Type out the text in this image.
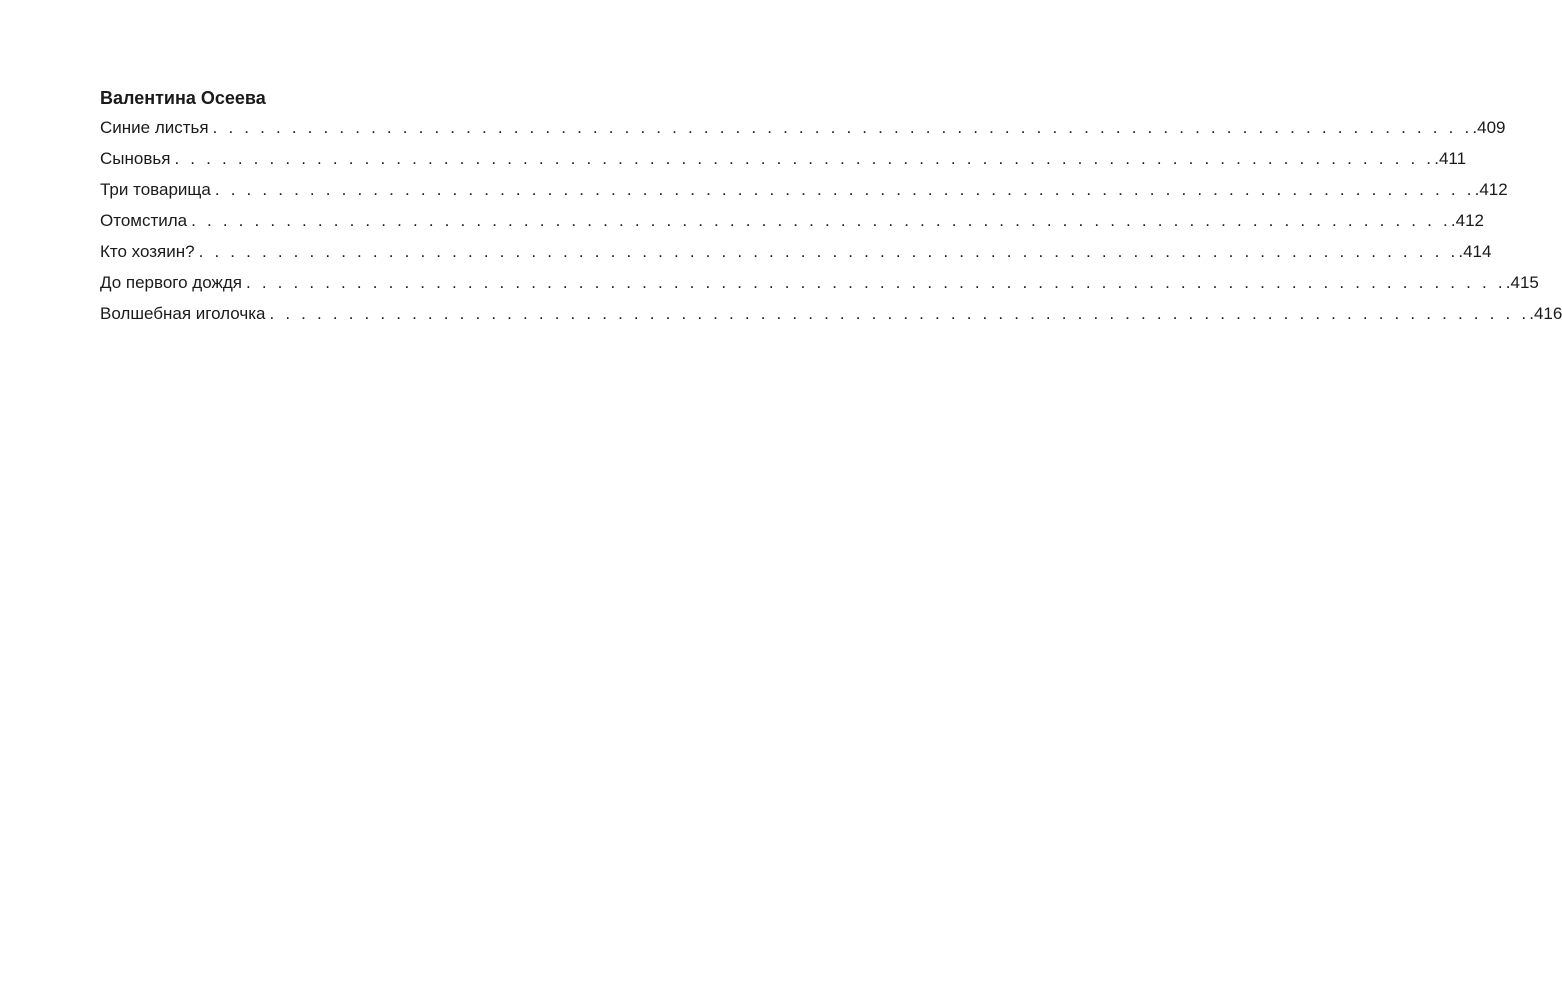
Валентина Осеева
Синие листья . . . . . . . . . . . . . . . . . . . . . . . . . . . . . . . . . . . . . . . . . . . . . . . . . . . . . . . . . . . . . . . . . . . . . . . . . . . . . . . . .409
Сыновья . . . . . . . . . . . . . . . . . . . . . . . . . . . . . . . . . . . . . . . . . . . . . . . . . . . . . . . . . . . . . . . . . . . . . . . . . . . . . . . . .411
Три товарища . . . . . . . . . . . . . . . . . . . . . . . . . . . . . . . . . . . . . . . . . . . . . . . . . . . . . . . . . . . . . . . . . . . . . . . . . . . . . . . . .412
Отомстила . . . . . . . . . . . . . . . . . . . . . . . . . . . . . . . . . . . . . . . . . . . . . . . . . . . . . . . . . . . . . . . . . . . . . . . . . . . . . . . . .412
Кто хозяин? . . . . . . . . . . . . . . . . . . . . . . . . . . . . . . . . . . . . . . . . . . . . . . . . . . . . . . . . . . . . . . . . . . . . . . . . . . . . . . . . .414
До первого дождя . . . . . . . . . . . . . . . . . . . . . . . . . . . . . . . . . . . . . . . . . . . . . . . . . . . . . . . . . . . . . . . . . . . . . . . . . . . . . . . . .415
Волшебная иголочка . . . . . . . . . . . . . . . . . . . . . . . . . . . . . . . . . . . . . . . . . . . . . . . . . . . . . . . . . . . . . . . . . . . . . . . . . . . . . . . . .416
